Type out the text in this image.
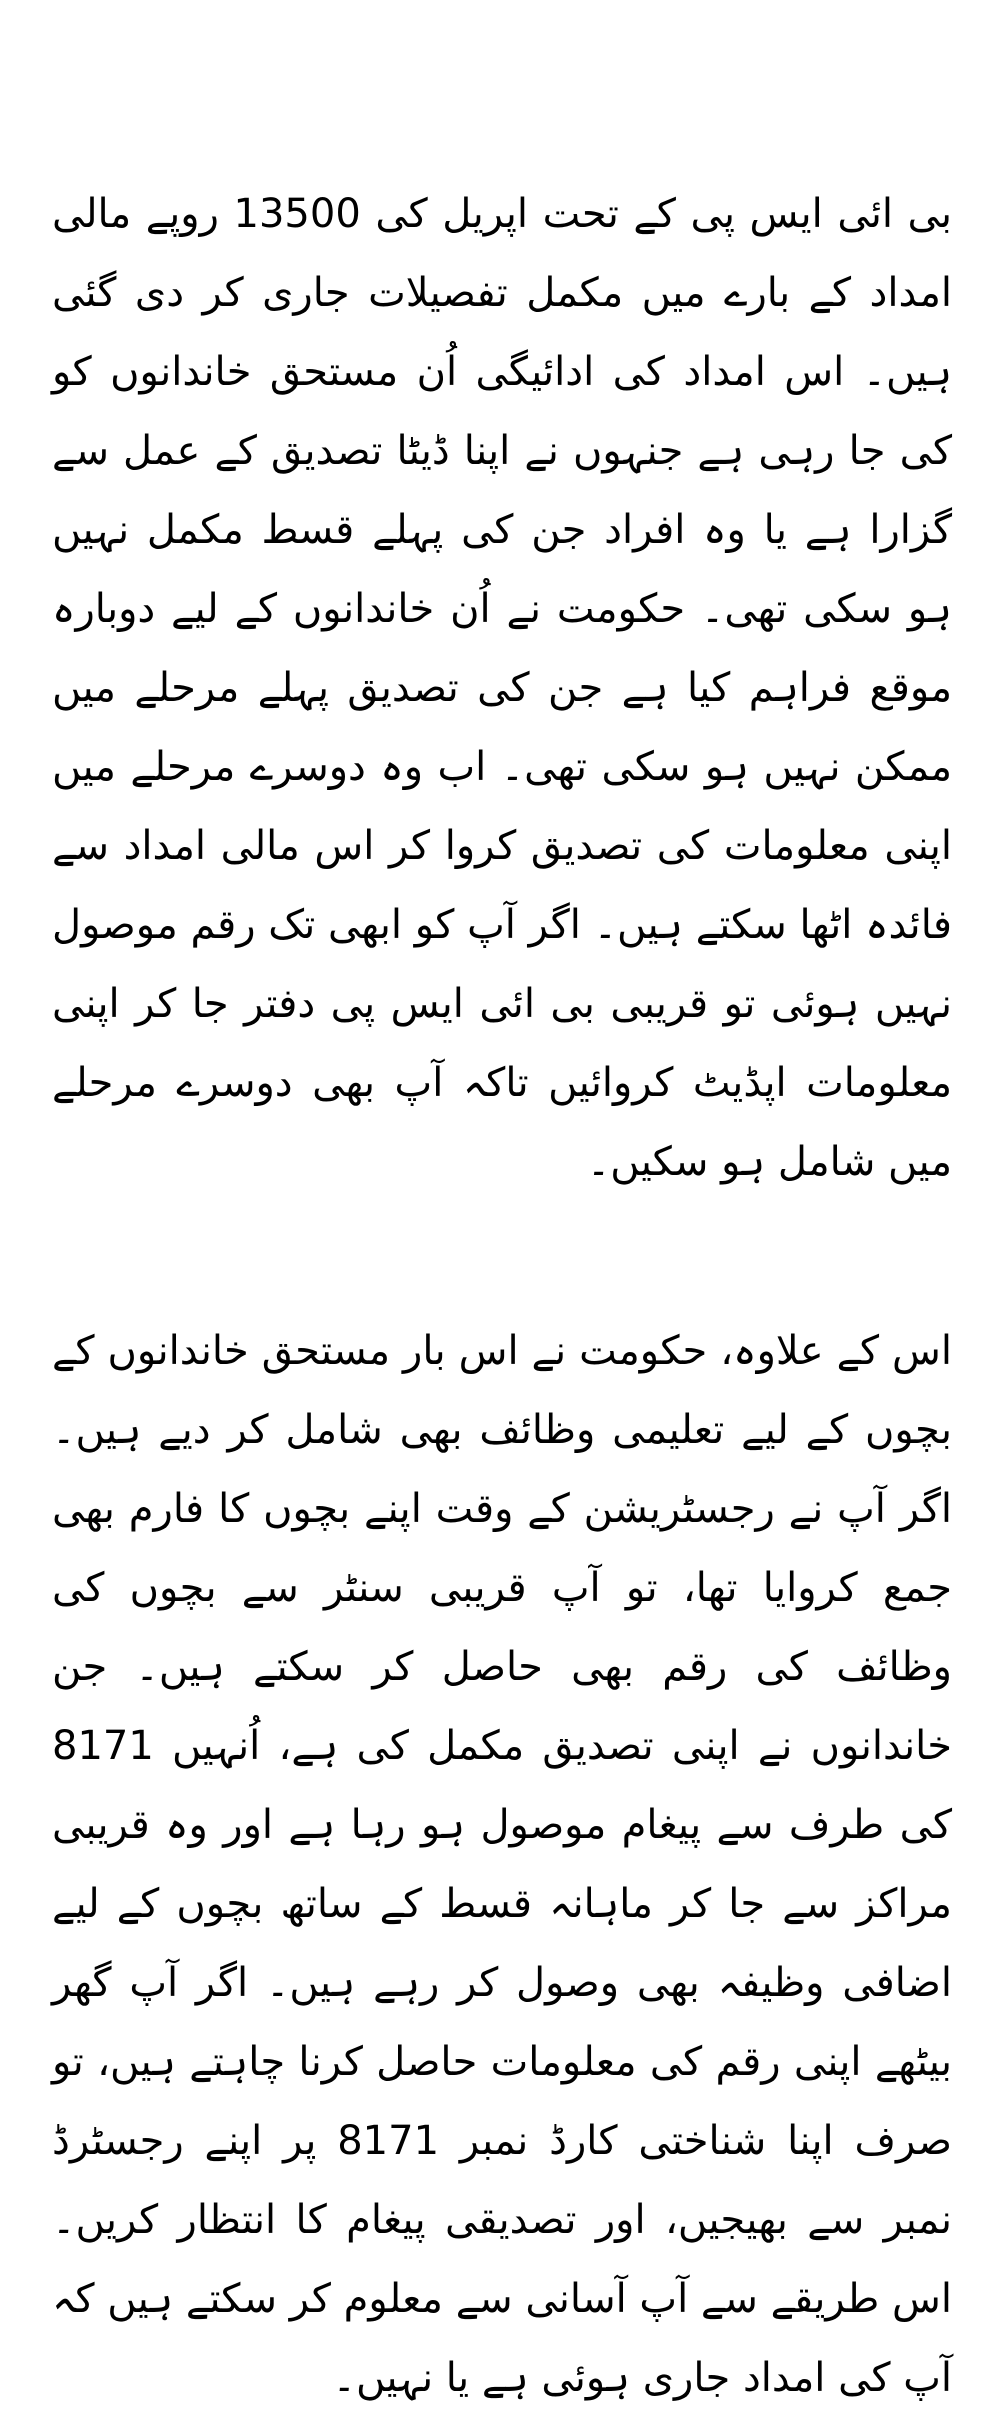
بی ائی ایس پی کے تحت اپریل کی 13500 روپے مالی امداد کے بارے میں مکمل تفصیلات جاری کر دی گئی ہیں۔ اس امداد کی ادائیگی اُن مستحق خاندانوں کو کی جا رہی ہے جنہوں نے اپنا ڈیٹا تصدیق کے عمل سے گزارا ہے یا وہ افراد جن کی پہلے قسط مکمل نہیں ہو سکی تھی۔ حکومت نے اُن خاندانوں کے لیے دوبارہ موقع فراہم کیا ہے جن کی تصدیق پہلے مرحلے میں ممکن نہیں ہو سکی تھی۔ اب وہ دوسرے مرحلے میں اپنی معلومات کی تصدیق کروا کر اس مالی امداد سے فائدہ اٹھا سکتے ہیں۔ اگر آپ کو ابھی تک رقم موصول نہیں ہوئی تو قریبی بی ائی ایس پی دفتر جا کر اپنی معلومات اپڈیٹ کروائیں تاکہ آپ بھی دوسرے مرحلے میں شامل ہو سکیں۔

اس کے علاوہ، حکومت نے اس بار مستحق خاندانوں کے بچوں کے لیے تعلیمی وظائف بھی شامل کر دیے ہیں۔ اگر آپ نے رجسٹریشن کے وقت اپنے بچوں کا فارم بھی جمع کروایا تھا، تو آپ قریبی سنٹر سے بچوں کی وظائف کی رقم بھی حاصل کر سکتے ہیں۔ جن خاندانوں نے اپنی تصدیق مکمل کی ہے، اُنہیں 8171 کی طرف سے پیغام موصول ہو رہا ہے اور وہ قریبی مراکز سے جا کر ماہانہ قسط کے ساتھ بچوں کے لیے اضافی وظیفہ بھی وصول کر رہے ہیں۔ اگر آپ گھر بیٹھے اپنی رقم کی معلومات حاصل کرنا چاہتے ہیں، تو صرف اپنا شناختی کارڈ نمبر 8171 پر اپنے رجسٹرڈ نمبر سے بھیجیں، اور تصدیقی پیغام کا انتظار کریں۔ اس طریقے سے آپ آسانی سے معلوم کر سکتے ہیں کہ آپ کی امداد جاری ہوئی ہے یا نہیں۔
